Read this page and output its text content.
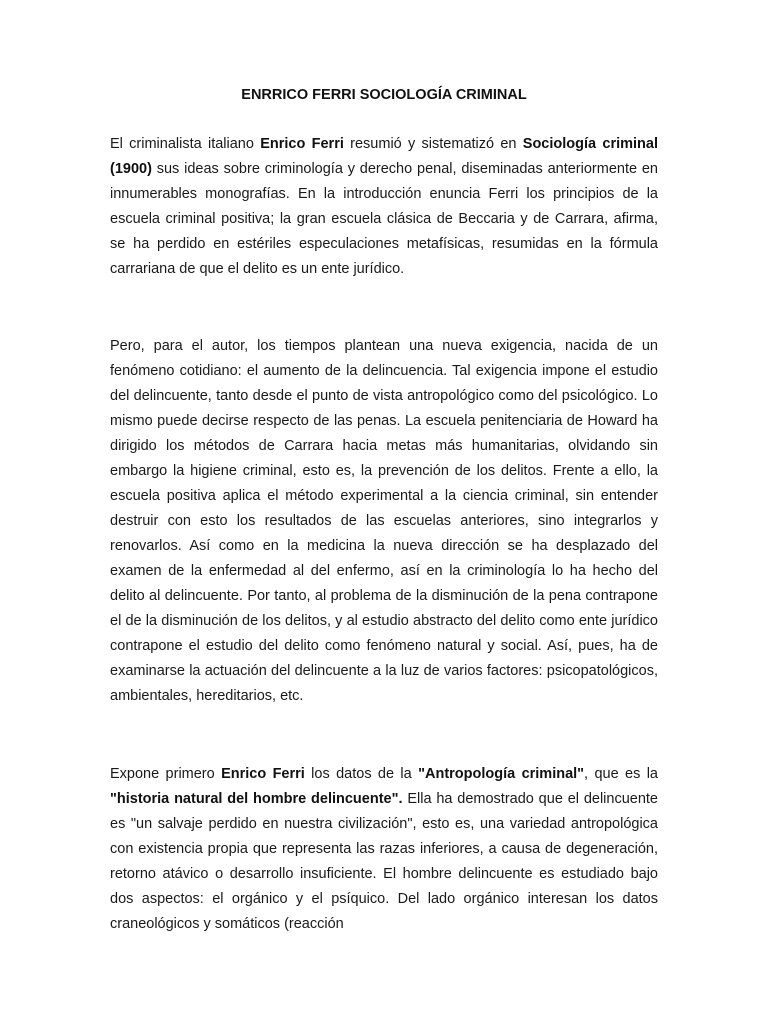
ENRRICO FERRI SOCIOLOGÍA CRIMINAL

El criminalista italiano Enrico Ferri resumió y sistematizó en Sociología criminal (1900) sus ideas sobre criminología y derecho penal, diseminadas anteriormente en innumerables monografías. En la introducción enuncia Ferri los principios de la escuela criminal positiva; la gran escuela clásica de Beccaria y de Carrara, afirma, se ha perdido en estériles especulaciones metafísicas, resumidas en la fórmula carrariana de que el delito es un ente jurídico.

Pero, para el autor, los tiempos plantean una nueva exigencia, nacida de un fenómeno cotidiano: el aumento de la delincuencia. Tal exigencia impone el estudio del delincuente, tanto desde el punto de vista antropológico como del psicológico. Lo mismo puede decirse respecto de las penas. La escuela penitenciaria de Howard ha dirigido los métodos de Carrara hacia metas más humanitarias, olvidando sin embargo la higiene criminal, esto es, la prevención de los delitos. Frente a ello, la escuela positiva aplica el método experimental a la ciencia criminal, sin entender destruir con esto los resultados de las escuelas anteriores, sino integrarlos y renovarlos. Así como en la medicina la nueva dirección se ha desplazado del examen de la enfermedad al del enfermo, así en la criminología lo ha hecho del delito al delincuente. Por tanto, al problema de la disminución de la pena contrapone el de la disminución de los delitos, y al estudio abstracto del delito como ente jurídico contrapone el estudio del delito como fenómeno natural y social. Así, pues, ha de examinarse la actuación del delincuente a la luz de varios factores: psicopatológicos, ambientales, hereditarios, etc.

Expone primero Enrico Ferri los datos de la "Antropología criminal", que es la "historia natural del hombre delincuente". Ella ha demostrado que el delincuente es "un salvaje perdido en nuestra civilización", esto es, una variedad antropológica con existencia propia que representa las razas inferiores, a causa de degeneración, retorno atávico o desarrollo insuficiente. El hombre delincuente es estudiado bajo dos aspectos: el orgánico y el psíquico. Del lado orgánico interesan los datos craneológicos y somáticos (reacción
